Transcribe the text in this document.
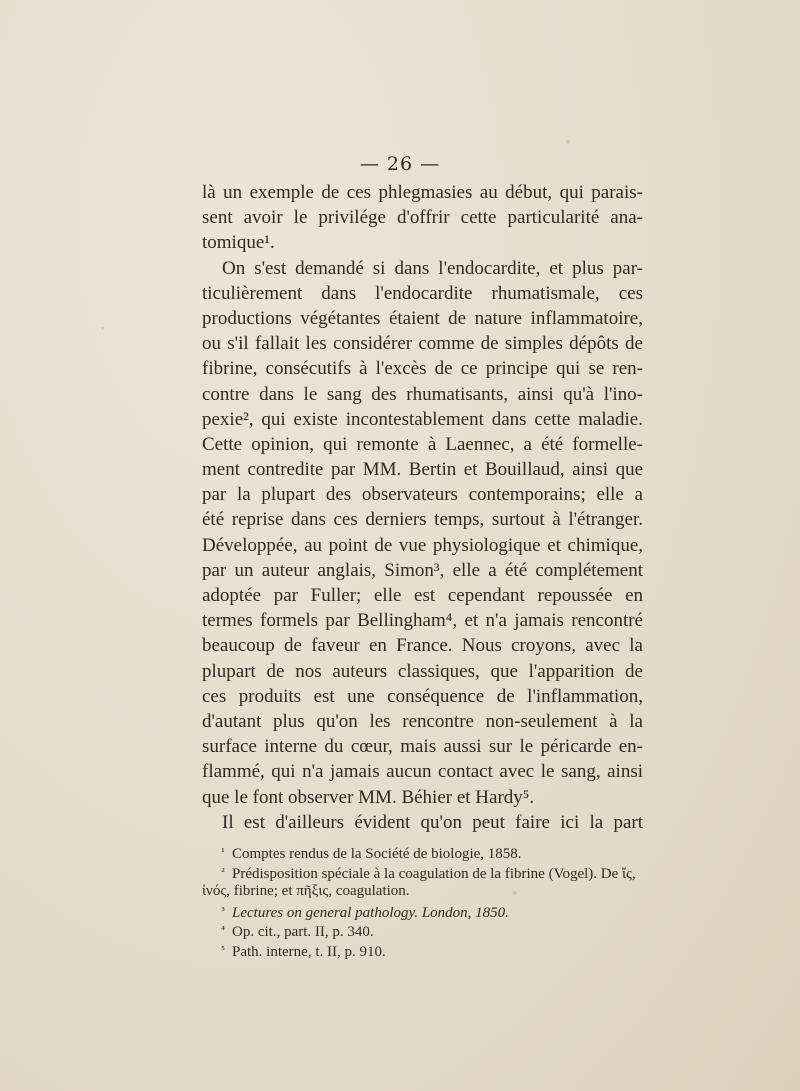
— 26 —
là un exemple de ces phlegmasies au début, qui parais-
sent avoir le privilége d'offrir cette particularité ana-
tomique¹.
On s'est demandé si dans l'endocardite, et plus par-
ticulièrement dans l'endocardite rhumatismale, ces
productions végétantes étaient de nature inflammatoire,
ou s'il fallait les considérer comme de simples dépôts de
fibrine, consécutifs à l'excès de ce principe qui se ren-
contre dans le sang des rhumatisants, ainsi qu'à l'ino-
pexie², qui existe incontestablement dans cette maladie.
Cette opinion, qui remonte à Laennec, a été formelle-
ment contredite par MM. Bertin et Bouillaud, ainsi que
par la plupart des observateurs contemporains; elle a
été reprise dans ces derniers temps, surtout à l'étranger.
Développée, au point de vue physiologique et chimique,
par un auteur anglais, Simon³, elle a été complétement
adoptée par Fuller; elle est cependant repoussée en
termes formels par Bellingham⁴, et n'a jamais rencontré
beaucoup de faveur en France. Nous croyons, avec la
plupart de nos auteurs classiques, que l'apparition de
ces produits est une conséquence de l'inflammation,
d'autant plus qu'on les rencontre non-seulement à la
surface interne du cœur, mais aussi sur le péricarde en-
flammé, qui n'a jamais aucun contact avec le sang, ainsi
que le font observer MM. Béhier et Hardy⁵.
Il est d'ailleurs évident qu'on peut faire ici la part
¹ Comptes rendus de la Société de biologie, 1858.
² Prédisposition spéciale à la coagulation de la fibrine (Vogel). De ἴς,
ἰνός, fibrine; et πῆξις, coagulation.
³ Lectures on general pathology. London, 1850.
⁴ Op. cit., part. II, p. 340.
⁵ Path. interne, t. II, p. 910.
